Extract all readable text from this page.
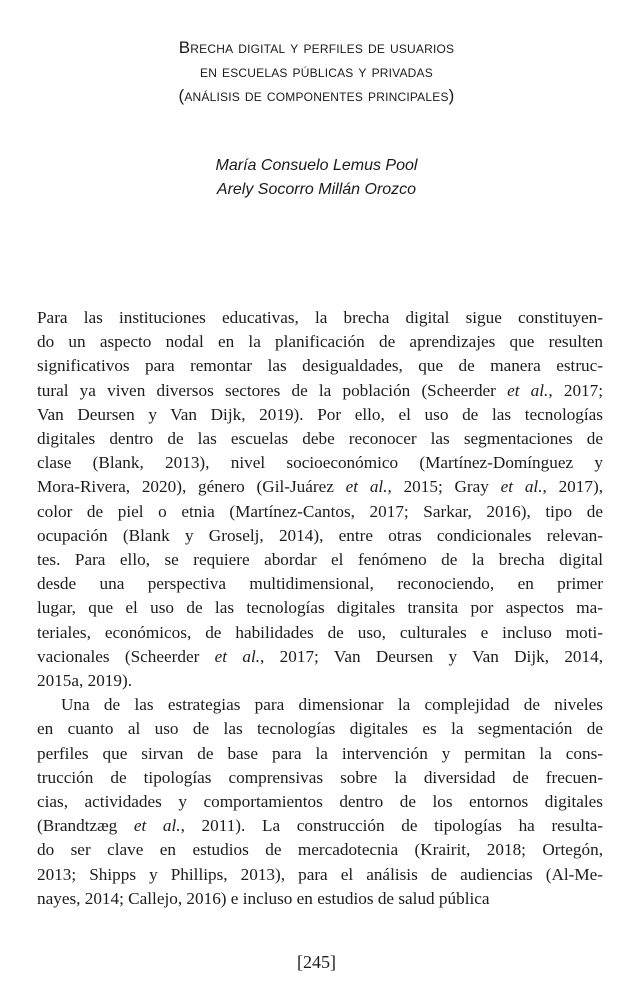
Brecha digital y perfiles de usuarios
en escuelas públicas y privadas
(análisis de componentes principales)
María Consuelo Lemus Pool
Arely Socorro Millán Orozco
Para las instituciones educativas, la brecha digital sigue constituyen-
do un aspecto nodal en la planificación de aprendizajes que resulten
significativos para remontar las desigualdades, que de manera estruc-
tural ya viven diversos sectores de la población (Scheerder et al., 2017;
Van Deursen y Van Dijk, 2019). Por ello, el uso de las tecnologías
digitales dentro de las escuelas debe reconocer las segmentaciones de
clase (Blank, 2013), nivel socioeconómico (Martínez-Domínguez y
Mora-Rivera, 2020), género (Gil-Juárez et al., 2015; Gray et al., 2017),
color de piel o etnia (Martínez-Cantos, 2017; Sarkar, 2016), tipo de
ocupación (Blank y Groselj, 2014), entre otras condicionales relevan-
tes. Para ello, se requiere abordar el fenómeno de la brecha digital
desde una perspectiva multidimensional, reconociendo, en primer
lugar, que el uso de las tecnologías digitales transita por aspectos ma-
teriales, económicos, de habilidades de uso, culturales e incluso moti-
vacionales (Scheerder et al., 2017; Van Deursen y Van Dijk, 2014,
2015a, 2019).
Una de las estrategias para dimensionar la complejidad de niveles
en cuanto al uso de las tecnologías digitales es la segmentación de
perfiles que sirvan de base para la intervención y permitan la cons-
trucción de tipologías comprensivas sobre la diversidad de frecuen-
cias, actividades y comportamientos dentro de los entornos digitales
(Brandtzæg et al., 2011). La construcción de tipologías ha resulta-
do ser clave en estudios de mercadotecnia (Krairit, 2018; Ortegón,
2013; Shipps y Phillips, 2013), para el análisis de audiencias (Al-Me-
nayes, 2014; Callejo, 2016) e incluso en estudios de salud pública
[245]
